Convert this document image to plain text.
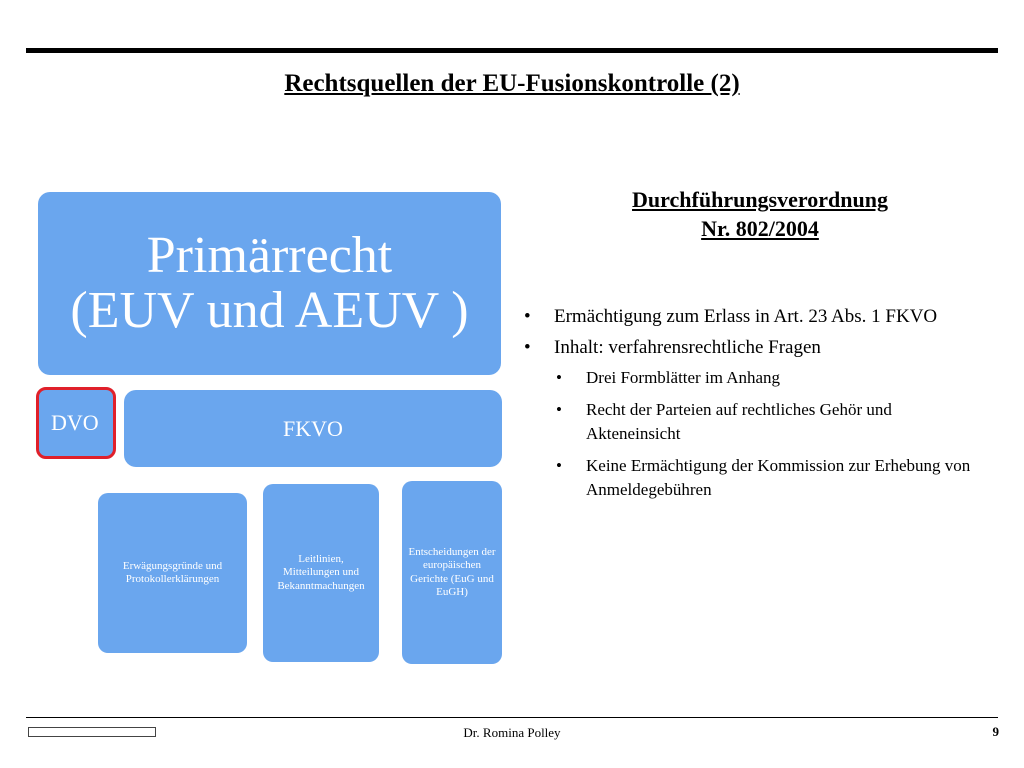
Rechtsquellen der EU-Fusionskontrolle (2)
Primärrecht
(EUV und AEUV )
DVO	FKVO
Erwägungsgründe und Protokollerklärungen
Leitlinien, Mitteilungen und Bekanntmachungen
Entscheidungen der europäischen Gerichte (EuG und EuGH)
Durchführungsverordnung
Nr. 802/2004
• Ermächtigung zum Erlass in Art. 23 Abs. 1 FKVO
• Inhalt: verfahrensrechtliche Fragen
• Drei Formblätter im Anhang
• Recht der Parteien auf rechtliches Gehör und Akteneinsicht
• Keine Ermächtigung der Kommission zur Erhebung von Anmeldegebühren
Dr. Romina Polley	9
